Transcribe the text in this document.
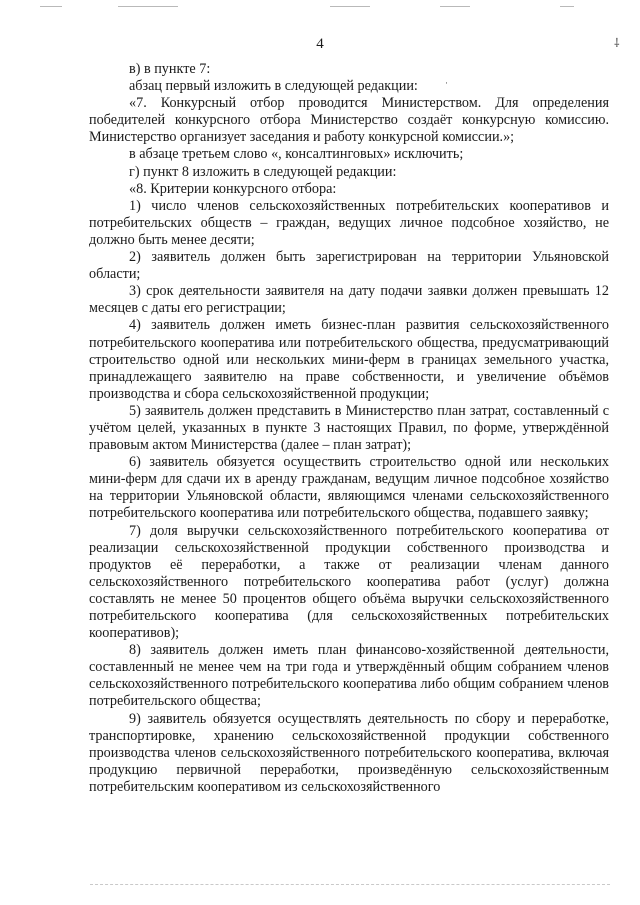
⸸
·
4

в) в пункте 7:

абзац первый изложить в следующей редакции:

«7. Конкурсный отбор проводится Министерством. Для определения победителей конкурсного отбора Министерство создаёт конкурсную комиссию. Министерство организует заседания и работу конкурсной комиссии.»;

в абзаце третьем слово «, консалтинговых» исключить;

г) пункт 8 изложить в следующей редакции:

«8. Критерии конкурсного отбора:

1) число членов сельскохозяйственных потребительских кооперативов и потребительских обществ – граждан, ведущих личное подсобное хозяйство, не должно быть менее десяти;

2) заявитель должен быть зарегистрирован на территории Ульяновской области;

3) срок деятельности заявителя на дату подачи заявки должен превышать 12 месяцев с даты его регистрации;

4) заявитель должен иметь бизнес-план развития сельскохозяйственного потребительского кооператива или потребительского общества, предусматривающий строительство одной или нескольких мини-ферм в границах земельного участка, принадлежащего заявителю на праве собственности, и увеличение объёмов производства и сбора сельскохозяйственной продукции;

5) заявитель должен представить в Министерство план затрат, составленный с учётом целей, указанных в пункте 3 настоящих Правил, по форме, утверждённой правовым актом Министерства (далее – план затрат);

6) заявитель обязуется осуществить строительство одной или нескольких мини-ферм для сдачи их в аренду гражданам, ведущим личное подсобное хозяйство на территории Ульяновской области, являющимся членами сельскохозяйственного потребительского кооператива или потребительского общества, подавшего заявку;

7) доля выручки сельскохозяйственного потребительского кооператива от реализации сельскохозяйственной продукции собственного производства и продуктов её переработки, а также от реализации членам данного сельскохозяйственного потребительского кооператива работ (услуг) должна составлять не менее 50 процентов общего объёма выручки сельскохозяйственного потребительского кооператива (для сельскохозяйственных потребительских кооперативов);

8) заявитель должен иметь план финансово-хозяйственной деятельности, составленный не менее чем на три года и утверждённый общим собранием членов сельскохозяйственного потребительского кооператива либо общим собранием членов потребительского общества;

9) заявитель обязуется осуществлять деятельность по сбору и переработке, транспортировке, хранению сельскохозяйственной продукции собственного производства членов сельскохозяйственного потребительского кооператива, включая продукцию первичной переработки, произведённую сельскохозяйственным потребительским кооперативом из сельскохозяйственного
